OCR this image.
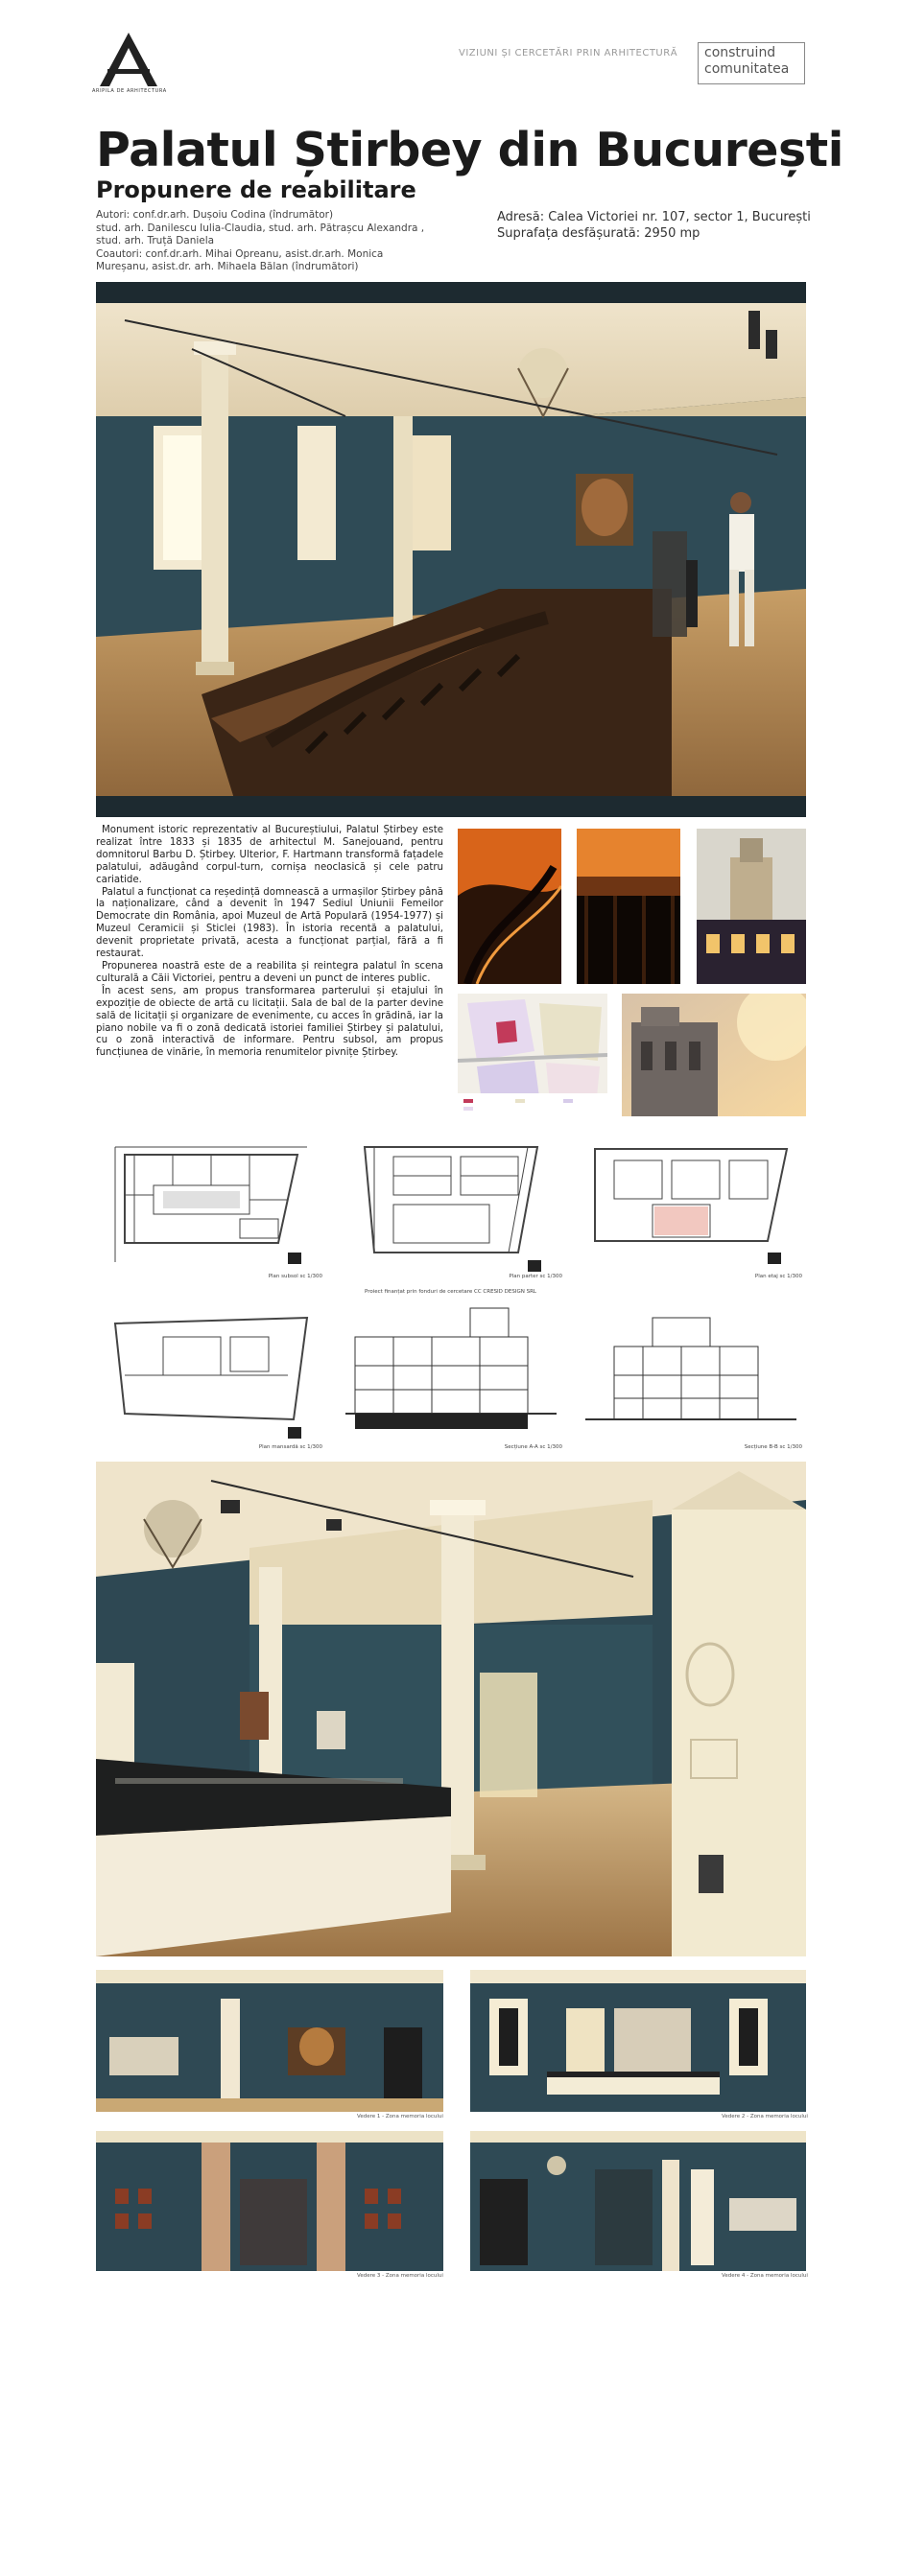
ARIPILA DE ARHITECTURA
VIZIUNI ȘI CERCETĂRI PRIN ARHITECTURĂ construind
comunitatea
Palatul Știrbey din București
Propunere de reabilitare
Autori: conf.dr.arh. Dușoiu Codina (îndrumător)
stud. arh. Danilescu Iulia-Claudia, stud. arh. Pătrașcu Alexandra ,
stud. arh. Truță Daniela
Coautori: conf.dr.arh. Mihai Opreanu, asist.dr.arh. Monica
Mureșanu, asist.dr. arh. Mihaela Bălan (îndrumători)
Adresă: Calea Victoriei nr. 107, sector 1, București
Suprafața desfășurată: 2950 mp

Monument istoric reprezentativ al Bucureștiului, Palatul Știrbey este realizat între 1833 și 1835 de arhitectul M. Sanejouand, pentru domnitorul Barbu D. Știrbey. Ulterior, F. Hartmann transformă fațadele palatului, adăugând corpul-turn, cornișa neoclasică și cele patru cariatide.

Palatul a funcționat ca reședință domnească a urmașilor Știrbey până la naționalizare, când a devenit în 1947 Sediul Uniunii Femeilor Democrate din România, apoi Muzeul de Artă Populară (1954-1977) și Muzeul Ceramicii și Sticlei (1983). În istoria recentă a palatului, devenit proprietate privată, acesta a funcționat parțial, fără a fi restaurat.

Propunerea noastră este de a reabilita și reintegra palatul în scena culturală a Căii Victoriei, pentru a deveni un punct de interes public.

În acest sens, am propus transformarea parterului și etajului în expoziție de obiecte de artă cu licitații. Sala de bal de la parter devine sală de licitații și organizare de evenimente, cu acces în grădină, iar la piano nobile va fi o zonă dedicată istoriei familiei Știrbey și palatului, cu o zonă interactivă de informare. Pentru subsol, am propus funcțiunea de vinărie, în memoria renumitelor pivnițe Știrbey.

Plan subsol sc 1/300	Plan parter sc 1/300	Plan etaj sc 1/300
Proiect finanțat prin fonduri de cercetare CC CRESID DESIGN SRL
Plan mansardă sc 1/300	Secțiune A-A sc 1/300	Secțiune B-B sc 1/300
Vedere 1 - Zona memoria locului	Vedere 2 - Zona memoria locului
Vedere 3 - Zona memoria locului	Vedere 4 - Zona memoria locului
